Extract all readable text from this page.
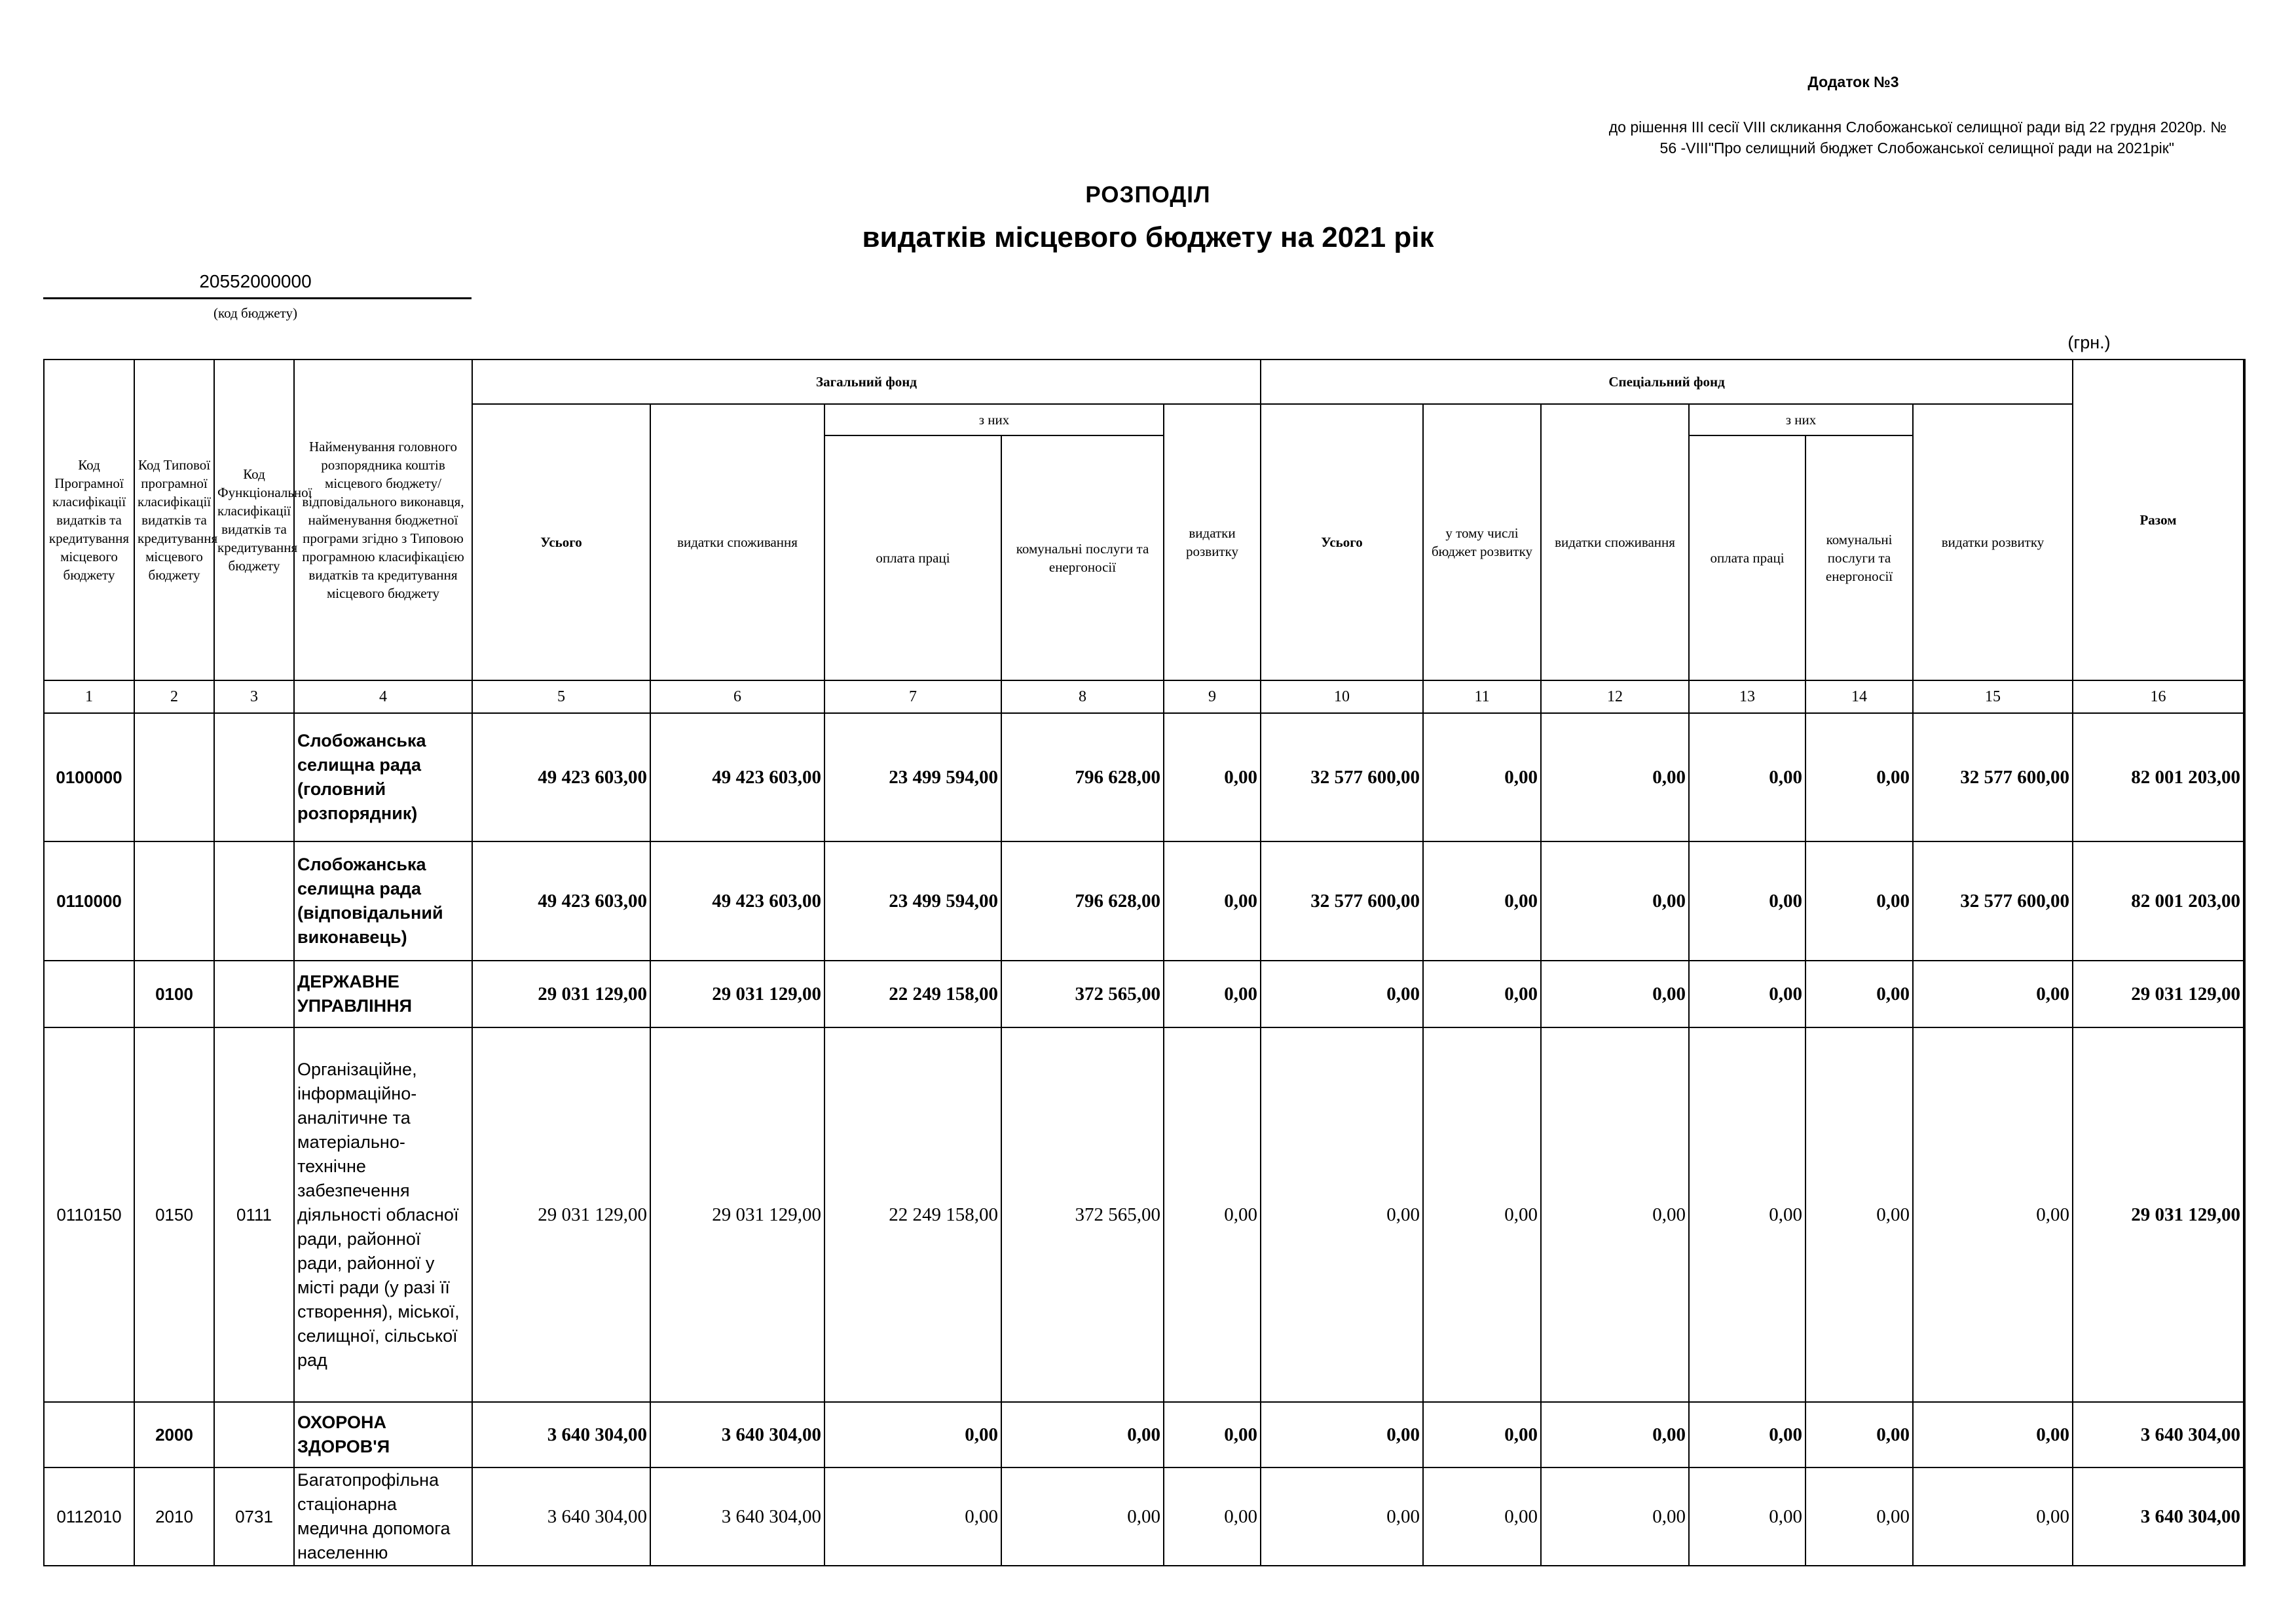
Додаток №3
до рішення ІІІ сесії VIII скликання Слобожанської селищної ради від 22 грудня 2020р. №
56 -VIII"Про селищний бюджет Слобожанської селищної ради на 2021рік"
РОЗПОДІЛ
видатків місцевого бюджету на 2021 рік
20552000000
(код бюджету)
(грн.)
Код Програмної класифікації видатків та кредитування місцевого бюджету	Код Типової програмної класифікації видатків та кредитування місцевого бюджету	Код Функціональної класифікації видатків та кредитування бюджету	Найменування головного розпорядника коштів місцевого бюджету/ відповідального виконавця, найменування бюджетної програми згідно з Типовою програмною класифікацією видатків та кредитування місцевого бюджету	Загальний фонд					Спеціальний фонд						Разом
				Усього	видатки споживання	з них		видатки розвитку	Усього	у тому числі бюджет розвитку	видатки споживання	з них		видатки розвитку	
						оплата праці	комунальні послуги та енергоносії					оплата праці	комунальні послуги та енергоносії		

1	2	3	4	5	6	7	8	9	10	11	12	13	14	15	16
0100000			Слобожанська селищна рада (головний розпорядник)	49 423 603,00	49 423 603,00	23 499 594,00	796 628,00	0,00	32 577 600,00	0,00	0,00	0,00	0,00	32 577 600,00	82 001 203,00
0110000			Слобожанська селищна рада (відповідальний виконавець)	49 423 603,00	49 423 603,00	23 499 594,00	796 628,00	0,00	32 577 600,00	0,00	0,00	0,00	0,00	32 577 600,00	82 001 203,00
	0100		ДЕРЖАВНЕ УПРАВЛІННЯ	29 031 129,00	29 031 129,00	22 249 158,00	372 565,00	0,00	0,00	0,00	0,00	0,00	0,00	0,00	29 031 129,00
0110150	0150	0111	Організаційне, інформаційно-аналітичне та матеріально-технічне забезпечення діяльності обласної ради, районної ради, районної у місті ради (у разі її створення), міської, селищної, сільської рад	29 031 129,00	29 031 129,00	22 249 158,00	372 565,00	0,00	0,00	0,00	0,00	0,00	0,00	0,00	29 031 129,00
	2000		ОХОРОНА ЗДОРОВ'Я	3 640 304,00	3 640 304,00	0,00	0,00	0,00	0,00	0,00	0,00	0,00	0,00	0,00	3 640 304,00
0112010	2010	0731	Багатопрофільна стаціонарна медична допомога населенню	3 640 304,00	3 640 304,00	0,00	0,00	0,00	0,00	0,00	0,00	0,00	0,00	0,00	3 640 304,00
